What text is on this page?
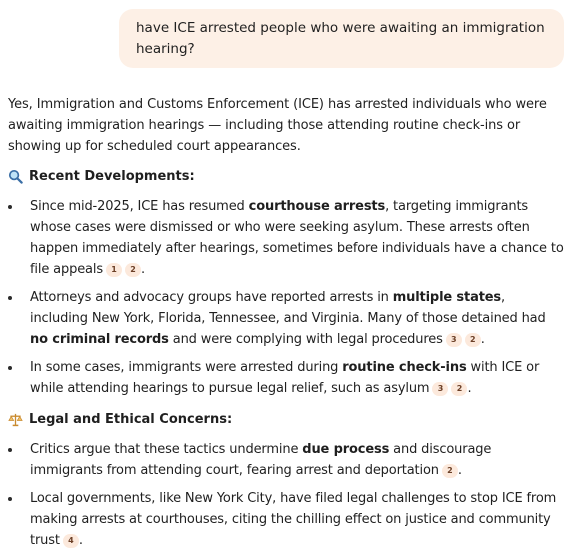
have ICE arrested people who were awaiting an immigration hearing?

Yes, Immigration and Customs Enforcement (ICE) has arrested individuals who were awaiting immigration hearings — including those attending routine check-ins or showing up for scheduled court appearances.

Recent Developments:
Since mid-2025, ICE has resumed courthouse arrests, targeting immigrants whose cases were dismissed or who were seeking asylum. These arrests often happen immediately after hearings, sometimes before individuals have a chance to file appeals 1 2 .
Attorneys and advocacy groups have reported arrests in multiple states, including New York, Florida, Tennessee, and Virginia. Many of those detained had no criminal records and were complying with legal procedures 3 2 .
In some cases, immigrants were arrested during routine check-ins with ICE or while attending hearings to pursue legal relief, such as asylum 3 2 .
Legal and Ethical Concerns:
Critics argue that these tactics undermine due process and discourage immigrants from attending court, fearing arrest and deportation 2 .
Local governments, like New York City, have filed legal challenges to stop ICE from making arrests at courthouses, citing the chilling effect on justice and community trust 4 .
